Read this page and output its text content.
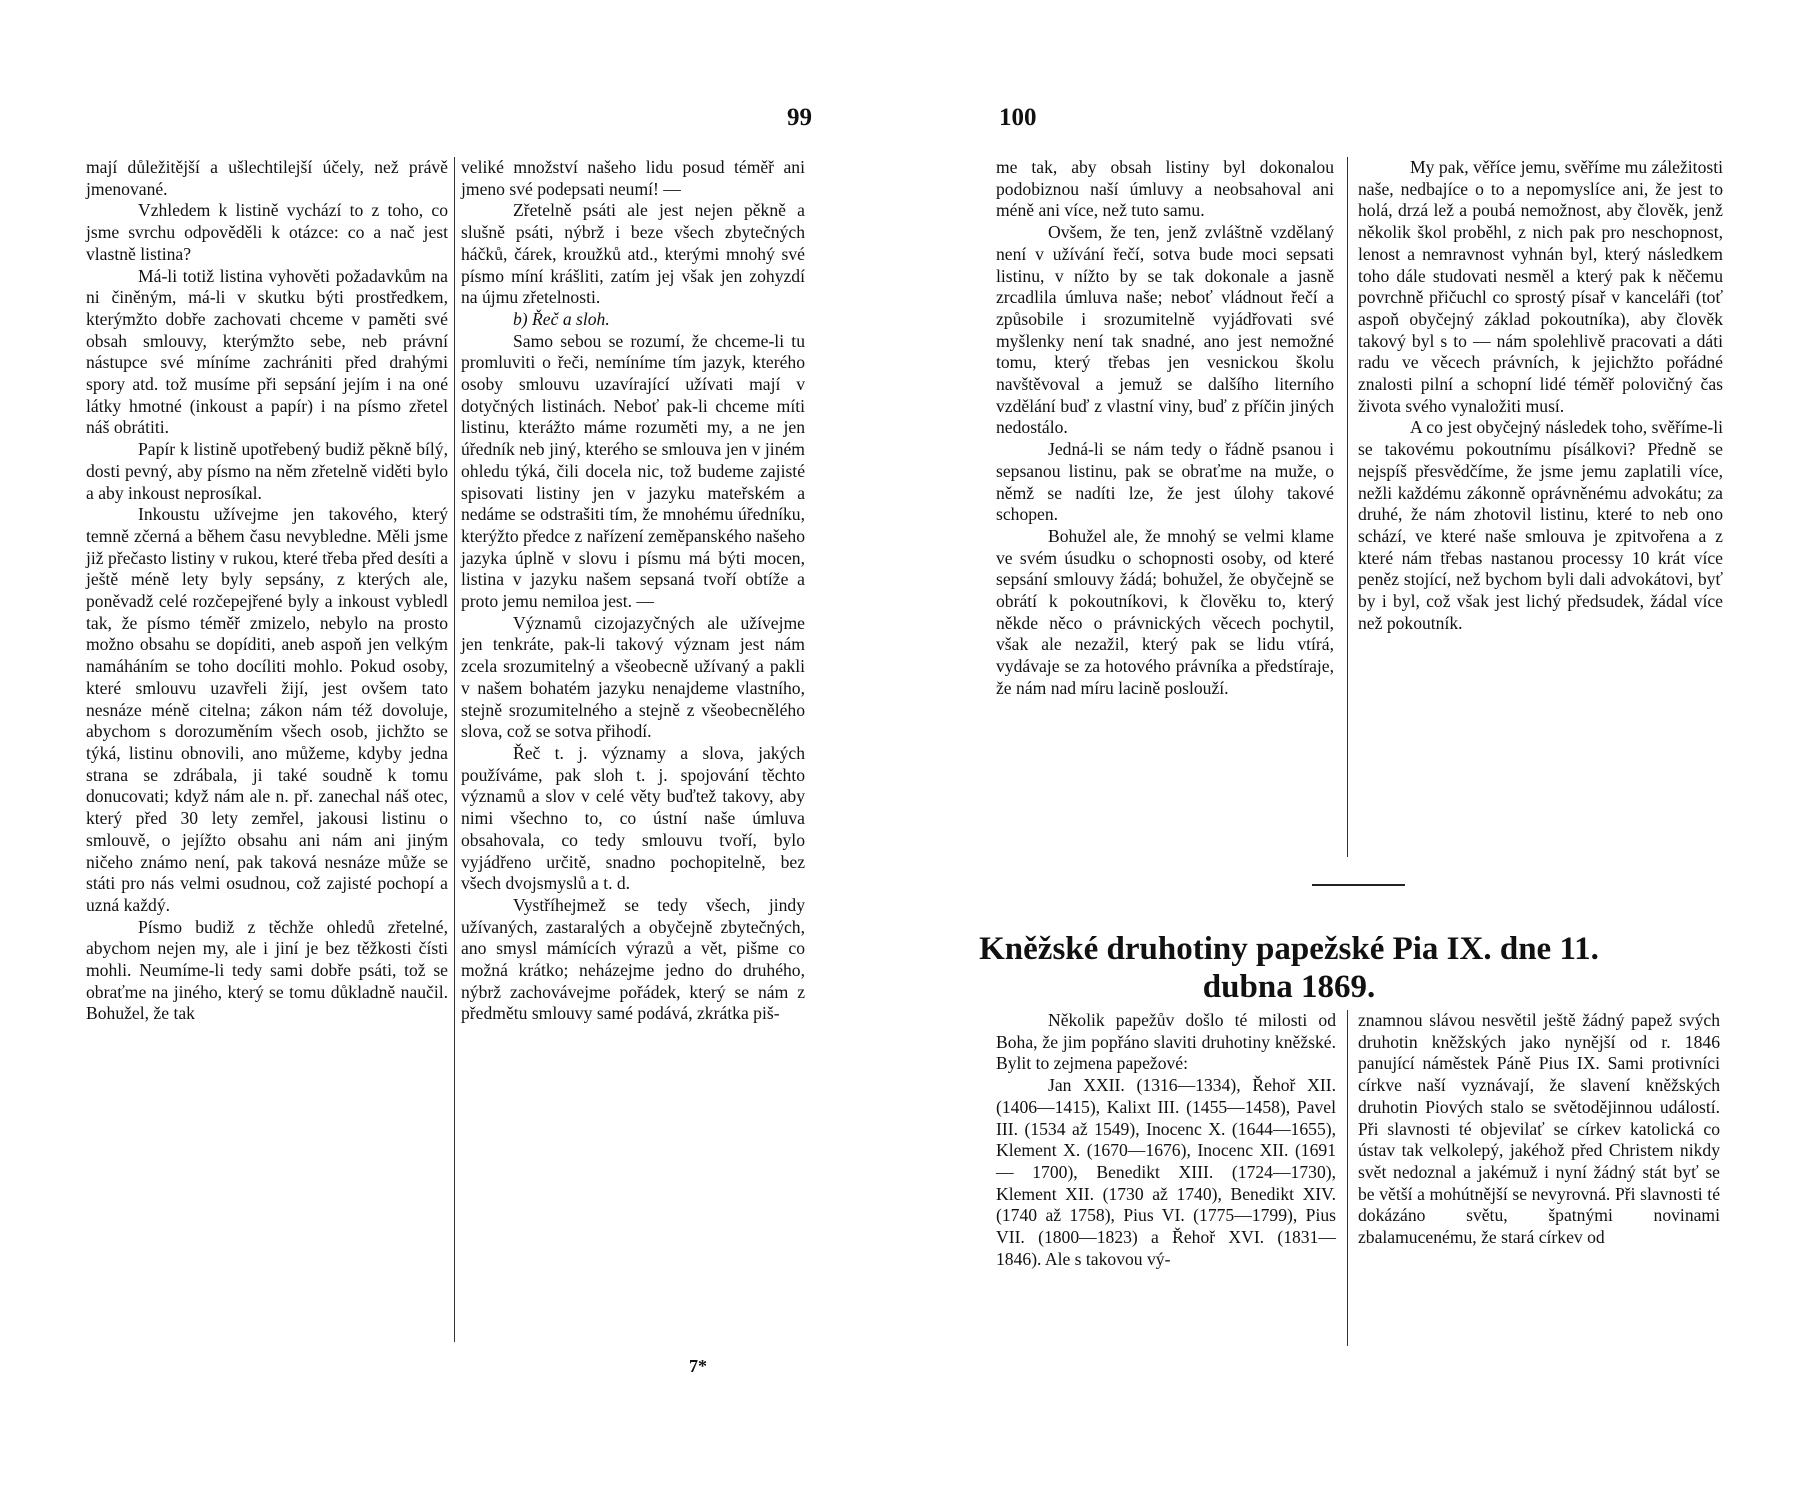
99

mají důležitější a ušlechtilejší účely, než právě jmenované.

Vzhledem k listině vychází to z toho, co jsme svrchu odpověděli k otázce: co a nač jest vlastně listina?

Má-li totiž listina vyhověti požadavkům na ni činěným, má-li v skutku býti prostředkem, kterýmžto dobře zachovati chceme v paměti své obsah smlouvy, kterýmžto sebe, neb právní nástupce své míníme zachrániti před drahými spory atd. tož musíme při sepsání jejím i na oné látky hmotné (inkoust a papír) i na písmo zřetel náš obrátiti.

Papír k listině upotřebený budiž pěkně bílý, dosti pevný, aby písmo na něm zřetelně viděti bylo a aby inkoust neprosíkal.

Inkoustu užívejme jen takového, který temně zčerná a během času nevybledne. Měli jsme již přečasto listiny v rukou, které třeba před desíti a ještě méně lety byly sepsány, z kterých ale, poněvadž celé rozčepejřené byly a inkoust vybledl tak, že písmo téměř zmizelo, nebylo na prosto možno obsahu se dopíditi, aneb aspoň jen velkým namáháním se toho docíliti mohlo. Pokud osoby, které smlouvu uzavřeli žijí, jest ovšem tato nesnáze méně citelna; zákon nám též dovoluje, abychom s dorozuměním všech osob, jichžto se týká, listinu obnovili, ano můžeme, kdyby jedna strana se zdrábala, ji také soudně k tomu donucovati; když nám ale n. př. zanechal náš otec, který před 30 lety zemřel, jakousi listinu o smlouvě, o jejížto obsahu ani nám ani jiným ničeho známo není, pak taková nesnáze může se státi pro nás velmi osudnou, což zajisté pochopí a uzná každý.

Písmo budiž z těchže ohledů zřetelné, abychom nejen my, ale i jiní je bez těžkosti čísti mohli. Neumíme-li tedy sami dobře psáti, tož se obraťme na jiného, který se tomu důkladně naučil. Bohužel, že tak

veliké množství našeho lidu posud téměř ani jmeno své podepsati neumí! —

Zřetelně psáti ale jest nejen pěkně a slušně psáti, nýbrž i beze všech zbytečných háčků, čárek, kroužků atd., kterými mnohý své písmo míní krášliti, zatím jej však jen zohyzdí na újmu zřetelnosti.

b) Řeč a sloh.

Samo sebou se rozumí, že chceme-li tu promluviti o řeči, nemíníme tím jazyk, kterého osoby smlouvu uzavírající užívati mají v dotyčných listinách. Neboť pak-li chceme míti listinu, kterážto máme rozuměti my, a ne jen úředník neb jiný, kterého se smlouva jen v jiném ohledu týká, čili docela nic, tož budeme zajisté spisovati listiny jen v jazyku mateřském a nedáme se odstrašiti tím, že mnohému úředníku, kterýžto předce z nařízení zeměpanského našeho jazyka úplně v slovu i písmu má býti mocen, listina v jazyku našem sepsaná tvoří obtíže a proto jemu nemiloa jest. —

Významů cizojazyčných ale užívejme jen tenkráte, pak-li takový význam jest nám zcela srozumitelný a všeobecně užívaný a pakli v našem bohatém jazyku nenajdeme vlastního, stejně srozumitelného a stejně z všeobecnělého slova, což se sotva přihodí.

Řeč t. j. významy a slova, jakých používáme, pak sloh t. j. spojování těchto významů a slov v celé věty buďtež takovy, aby nimi všechno to, co ústní naše úmluva obsahovala, co tedy smlouvu tvoří, bylo vyjádřeno určitě, snadno pochopitelně, bez všech dvojsmyslů a t. d.

Vystříhejmež se tedy všech, jindy užívaných, zastaralých a obyčejně zbytečných, ano smysl mámících výrazů a vět, pišme co možná krátko; neházejme jedno do druhého, nýbrž zachovávejme pořádek, který se nám z předmětu smlouvy samé podává, zkrátka piš-

7*
100

me tak, aby obsah listiny byl dokonalou podobiznou naší úmluvy a neobsahoval ani méně ani více, než tuto samu.

Ovšem, že ten, jenž zvláštně vzdělaný není v užívání řečí, sotva bude moci sepsati listinu, v nížto by se tak dokonale a jasně zrcadlila úmluva naše; neboť vládnout řečí a způsobile i srozumitelně vyjádřovati své myšlenky není tak snadné, ano jest nemožné tomu, který třebas jen vesnickou školu navštěvoval a jemuž se dalšího literního vzdělání buď z vlastní viny, buď z příčin jiných nedostálo.

Jedná-li se nám tedy o řádně psanou i sepsanou listinu, pak se obraťme na muže, o němž se nadíti lze, že jest úlohy takové schopen.

Bohužel ale, že mnohý se velmi klame ve svém úsudku o schopnosti osoby, od které sepsání smlouvy žádá; bohužel, že obyčejně se obrátí k pokoutníkovi, k člověku to, který někde něco o právnických věcech pochytil, však ale nezažil, který pak se lidu vtírá, vydávaje se za hotového právníka a předstíraje, že nám nad míru lacině poslouží.

My pak, věříce jemu, svěříme mu záležitosti naše, nedbajíce o to a nepomyslíce ani, že jest to holá, drzá lež a poubá nemožnost, aby člověk, jenž několik škol proběhl, z nich pak pro neschopnost, lenost a nemravnost vyhnán byl, který následkem toho dále studovati nesměl a který pak k něčemu povrchně přičuchl co sprostý písař v kanceláři (toť aspoň obyčejný základ pokoutníka), aby člověk takový byl s to — nám spolehlivě pracovati a dáti radu ve věcech právních, k jejichžto pořádné znalosti pilní a schopní lidé téměř polovičný čas života svého vynaložiti musí.

A co jest obyčejný následek toho, svěříme-li se takovému pokoutnímu písálkovi? Předně se nejspíš přesvědčíme, že jsme jemu zaplatili více, nežli každému zákonně oprávněnému advokátu; za druhé, že nám zhotovil listinu, které to neb ono schází, ve které naše smlouva je zpitvořena a z které nám třebas nastanou processy 10 krát více peněz stojící, než bychom byli dali advokátovi, byť by i byl, což však jest lichý předsudek, žádal více než pokoutník.

Kněžské druhotiny papežské Pia IX. dne 11. dubna 1869.

Několik papežův došlo té milosti od Boha, že jim popřáno slaviti druhotiny kněžské. Bylit to zejmena papežové:

Jan XXII. (1316—1334), Řehoř XII. (1406—1415), Kalixt III. (1455—1458), Pavel III. (1534 až 1549), Inocenc X. (1644—1655), Klement X. (1670—1676), Inocenc XII. (1691— 1700), Benedikt XIII. (1724—1730), Klement XII. (1730 až 1740), Benedikt XIV. (1740 až 1758), Pius VI. (1775—1799), Pius VII. (1800—1823) a Řehoř XVI. (1831—1846). Ale s takovou vý-

znamnou slávou nesvětil ještě žádný papež svých druhotin kněžských jako nynější od r. 1846 panující náměstek Páně Pius IX. Sami protivníci církve naší vyznávají, že slavení kněžských druhotin Piových stalo se světodějinnou událostí. Při slavnosti té objevilať se církev katolická co ústav tak velkolepý, jakéhož před Christem nikdy svět nedoznal a jakémuž i nyní žádný stát byť se be větší a mohútnější se nevyrovná. Při slavnosti té dokázáno světu, špatnými novinami zbalamucenému, že stará církev od
